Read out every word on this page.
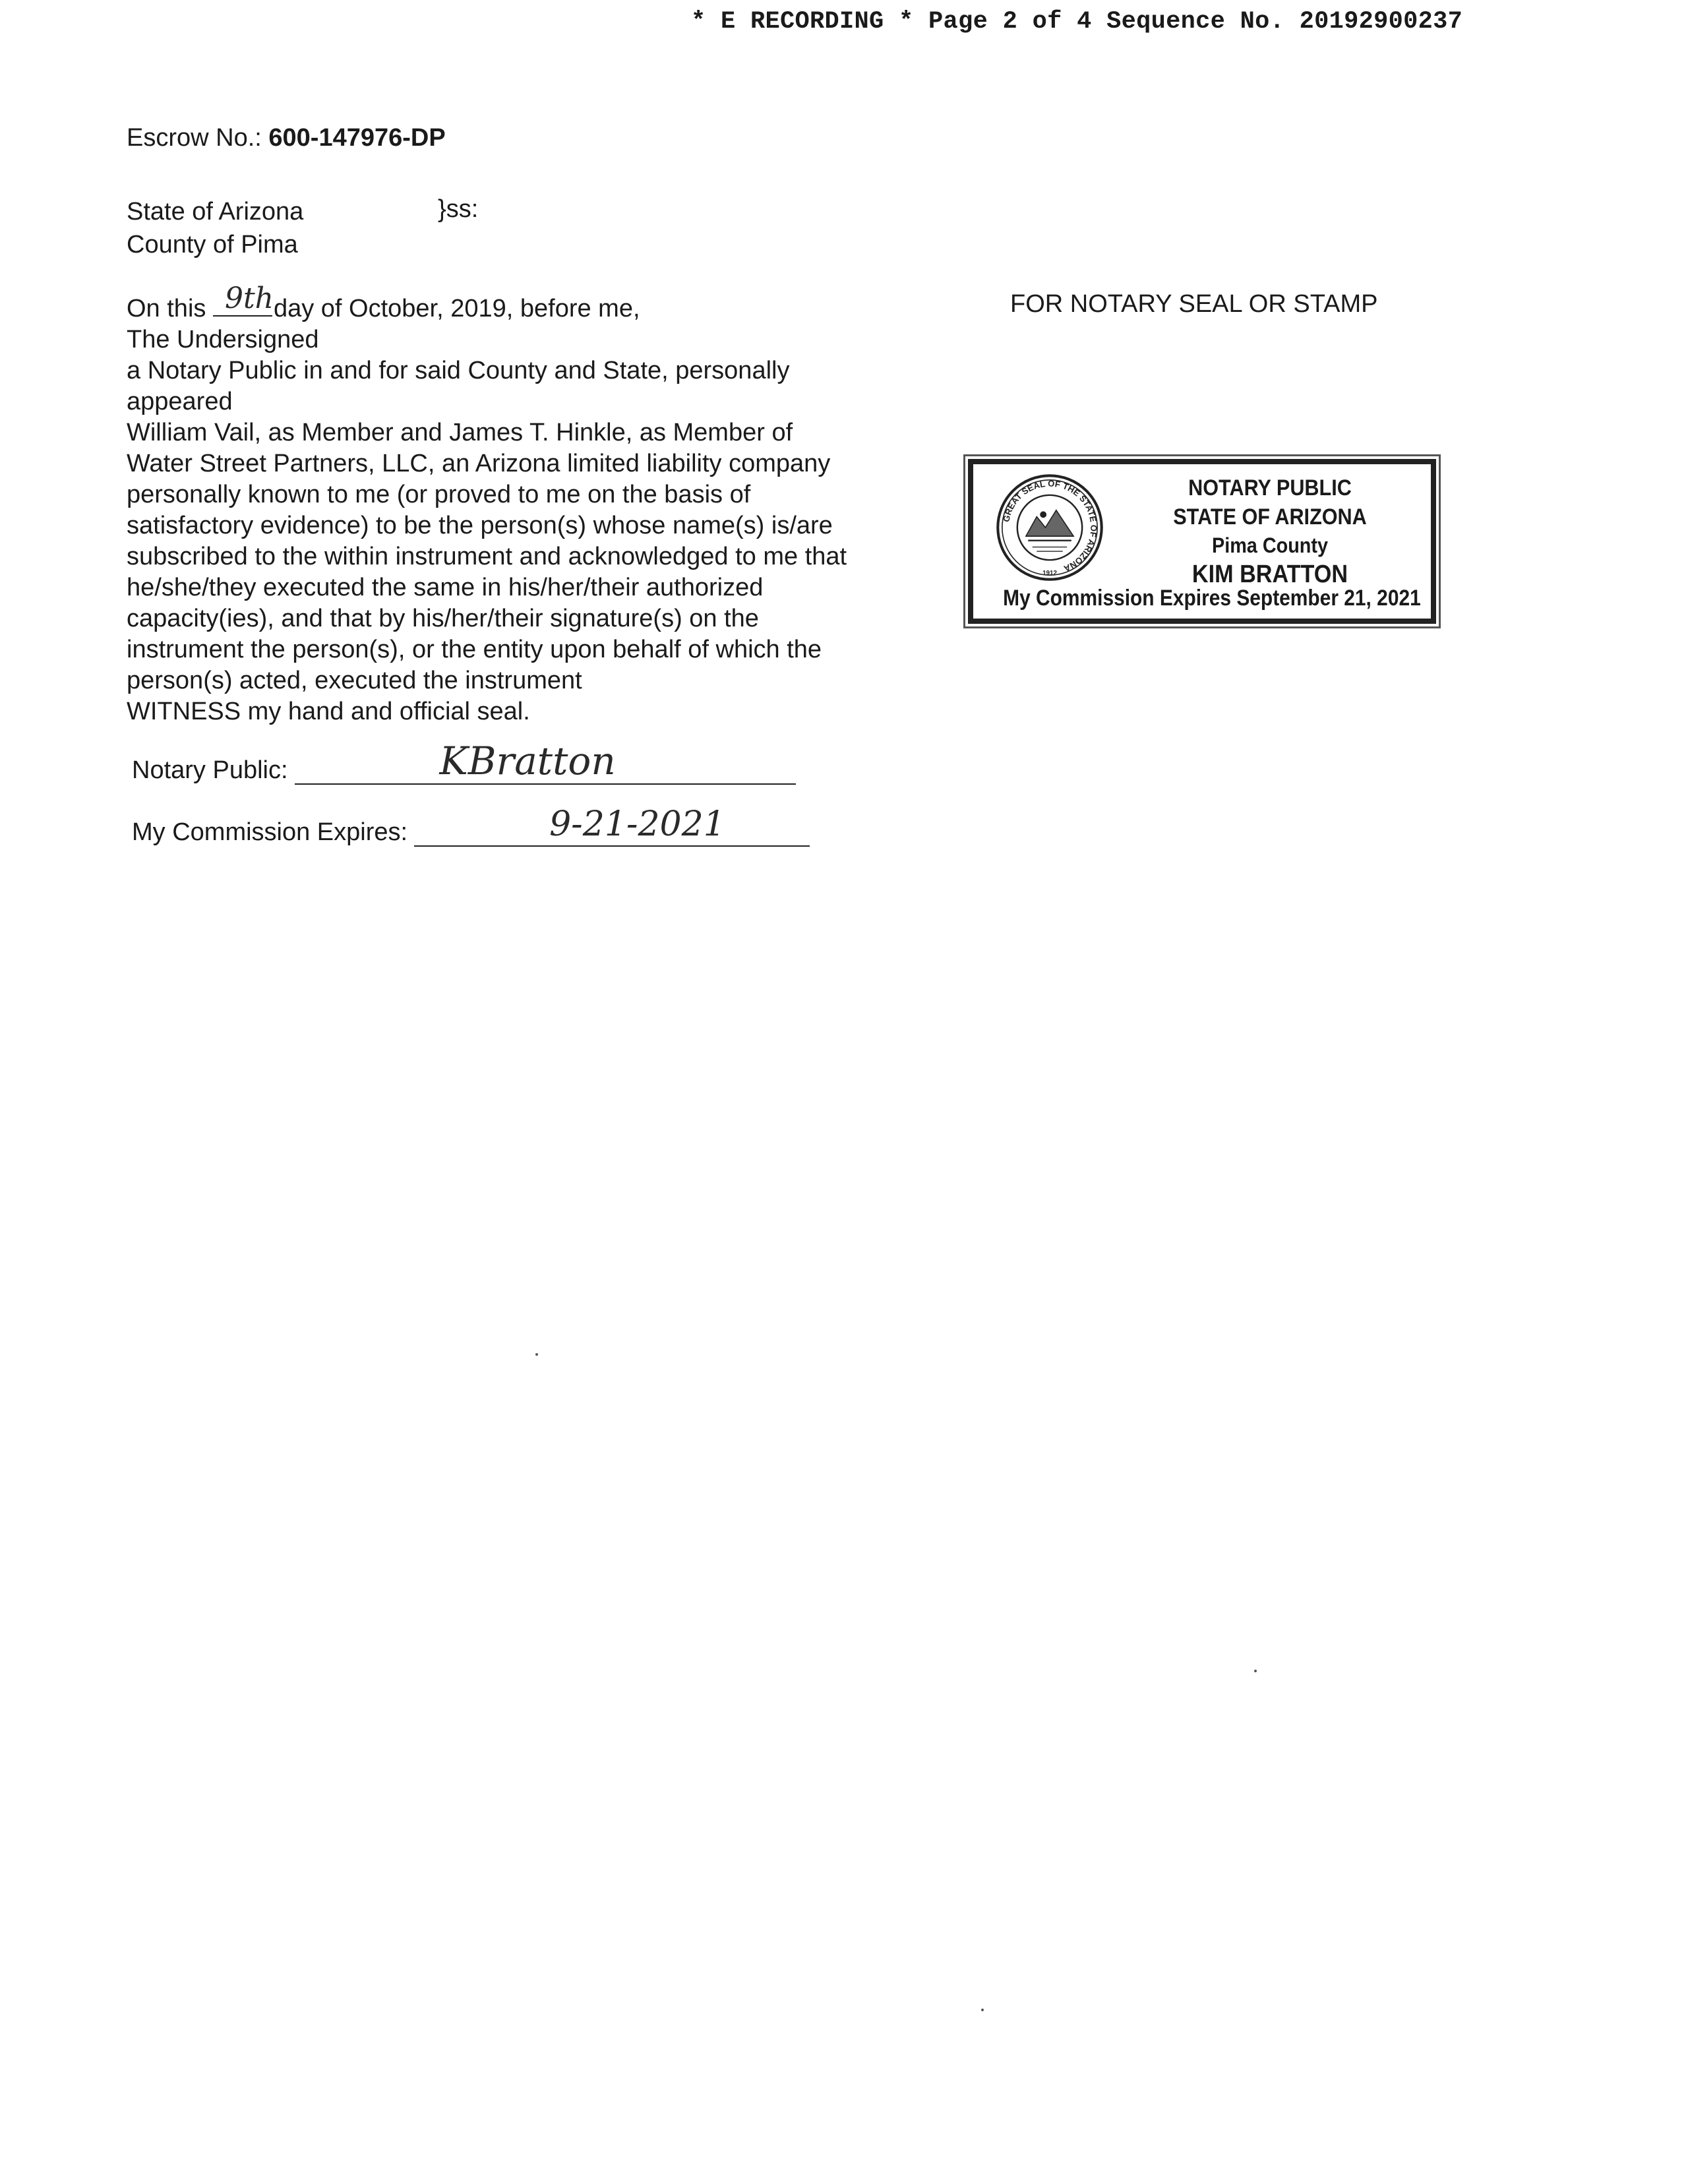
* E RECORDING * Page 2 of 4 Sequence No. 20192900237
Escrow No.: 600-147976-DP
State of Arizona
County of Pima
}ss:
On this 9th day of October, 2019, before me,
The Undersigned
a Notary Public in and for said County and State, personally
appeared
William Vail, as Member and James T. Hinkle, as Member of
Water Street Partners, LLC, an Arizona limited liability company
personally known to me (or proved to me on the basis of
satisfactory evidence) to be the person(s) whose name(s) is/are
subscribed to the within instrument and acknowledged to me that
he/she/they executed the same in his/her/their authorized
capacity(ies), and that by his/her/their signature(s) on the
instrument the person(s), or the entity upon behalf of which the
person(s) acted, executed the instrument
WITNESS my hand and official seal.
Notary Public:	KBratton
My Commission Expires:	9-21-2021
FOR NOTARY SEAL OR STAMP
GREAT SEAL OF THE STATE OF ARIZONA
1912
NOTARY PUBLIC
STATE OF ARIZONA
Pima County
KIM BRATTON
My Commission Expires September 21, 2021
